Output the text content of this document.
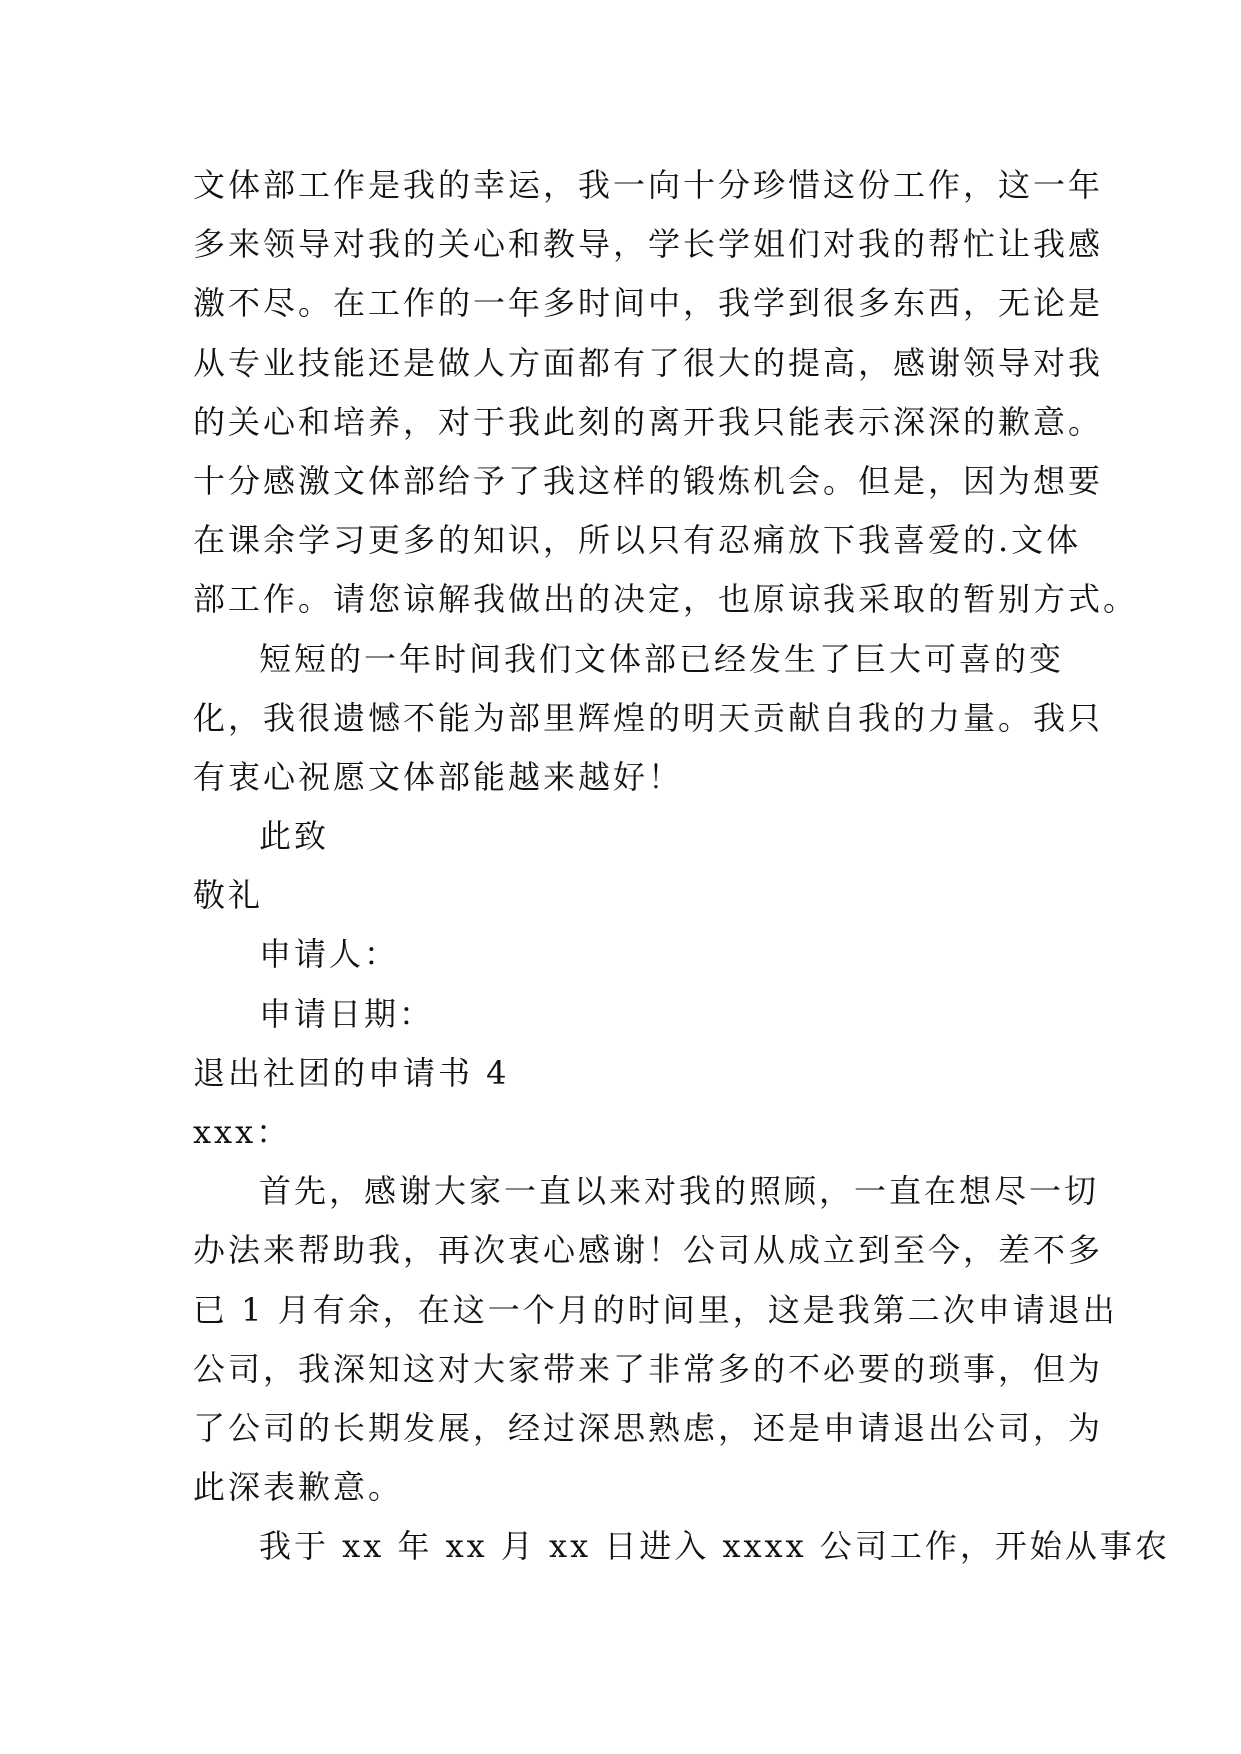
文体部工作是我的幸运，我一向十分珍惜这份工作，这一年
多来领导对我的关心和教导，学长学姐们对我的帮忙让我感
激不尽。在工作的一年多时间中，我学到很多东西，无论是
从专业技能还是做人方面都有了很大的提高，感谢领导对我
的关心和培养，对于我此刻的离开我只能表示深深的歉意。
十分感激文体部给予了我这样的锻炼机会。但是，因为想要
在课余学习更多的知识，所以只有忍痛放下我喜爱的.文体
部工作。请您谅解我做出的决定，也原谅我采取的暂别方式。
短短的一年时间我们文体部已经发生了巨大可喜的变
化，我很遗憾不能为部里辉煌的明天贡献自我的力量。我只
有衷心祝愿文体部能越来越好！
此致
敬礼
申请人：
申请日期：
退出社团的申请书 4
xxx：
首先，感谢大家一直以来对我的照顾，一直在想尽一切
办法来帮助我，再次衷心感谢！公司从成立到至今，差不多
已 1 月有余，在这一个月的时间里，这是我第二次申请退出
公司，我深知这对大家带来了非常多的不必要的琐事，但为
了公司的长期发展，经过深思熟虑，还是申请退出公司，为
此深表歉意。
我于 xx 年 xx 月 xx 日进入 xxxx 公司工作，开始从事农
